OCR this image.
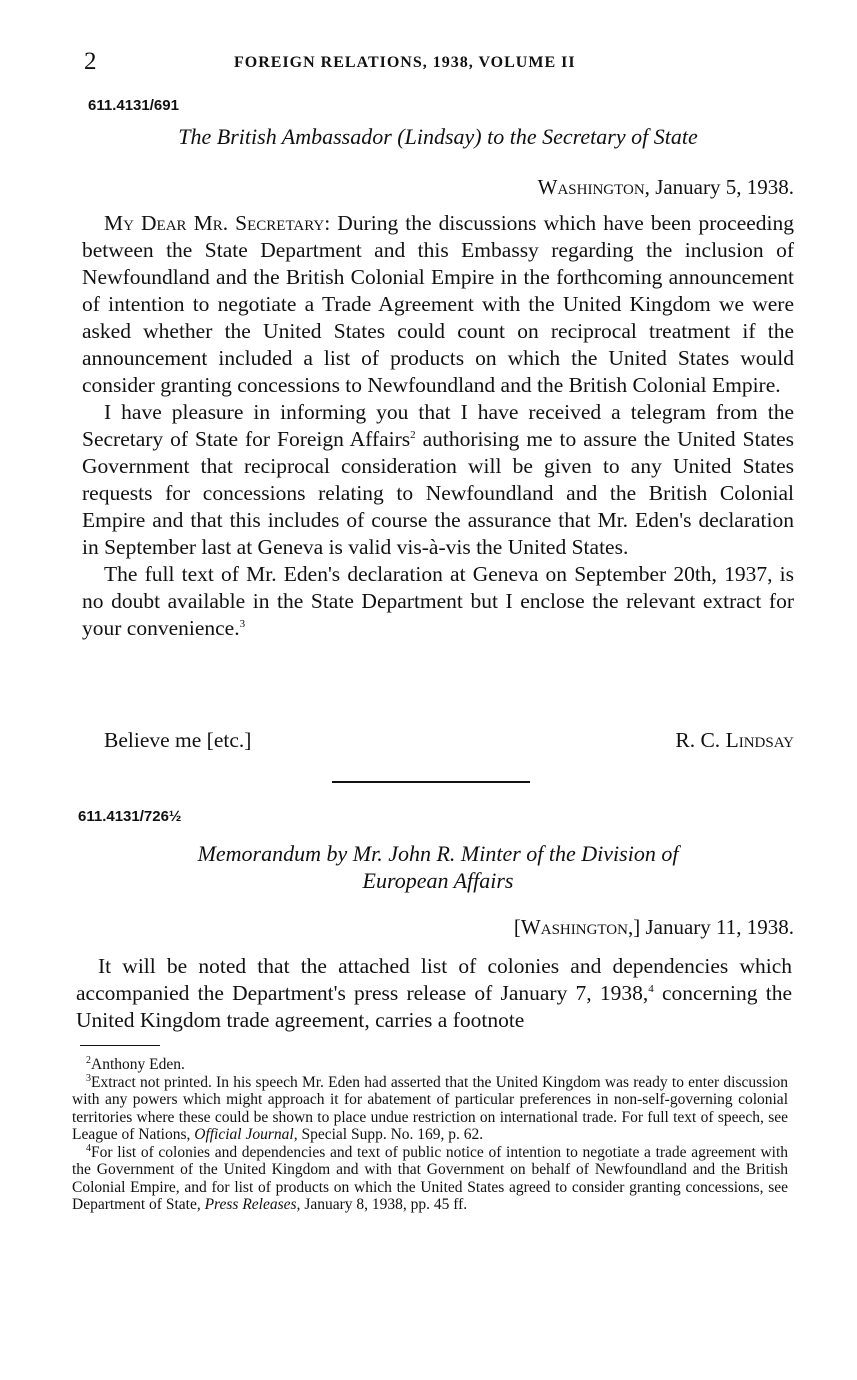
2	FOREIGN RELATIONS, 1938, VOLUME II
611.4131/691
The British Ambassador (Lindsay) to the Secretary of State
Washington, January 5, 1938.

My Dear Mr. Secretary: During the discussions which have been proceeding between the State Department and this Embassy regarding the inclusion of Newfoundland and the British Colonial Empire in the forthcoming announcement of intention to negotiate a Trade Agreement with the United Kingdom we were asked whether the United States could count on reciprocal treatment if the announcement included a list of products on which the United States would consider granting concessions to Newfoundland and the British Colonial Empire.

I have pleasure in informing you that I have received a telegram from the Secretary of State for Foreign Affairs$^2$ authorising me to assure the United States Government that reciprocal consideration will be given to any United States requests for concessions relating to Newfoundland and the British Colonial Empire and that this includes of course the assurance that Mr. Eden's declaration in September last at Geneva is valid vis-à-vis the United States.

The full text of Mr. Eden's declaration at Geneva on September 20th, 1937, is no doubt available in the State Department but I enclose the relevant extract for your convenience.$^3$

Believe me [etc.]	R. C. Lindsay
611.4131/726½
Memorandum by Mr. John R. Minter of the Division of
European Affairs
[Washington,] January 11, 1938.

It will be noted that the attached list of colonies and dependencies which accompanied the Department's press release of January 7, 1938,$^4$ concerning the United Kingdom trade agreement, carries a footnote

$^2$Anthony Eden.

$^3$Extract not printed. In his speech Mr. Eden had asserted that the United Kingdom was ready to enter discussion with any powers which might approach it for abatement of particular preferences in non-self-governing colonial territories where these could be shown to place undue restriction on international trade. For full text of speech, see League of Nations, Official Journal, Special Supp. No. 169, p. 62.

$^4$For list of colonies and dependencies and text of public notice of intention to negotiate a trade agreement with the Government of the United Kingdom and with that Government on behalf of Newfoundland and the British Colonial Empire, and for list of products on which the United States agreed to consider granting concessions, see Department of State, Press Releases, January 8, 1938, pp. 45 ff.
